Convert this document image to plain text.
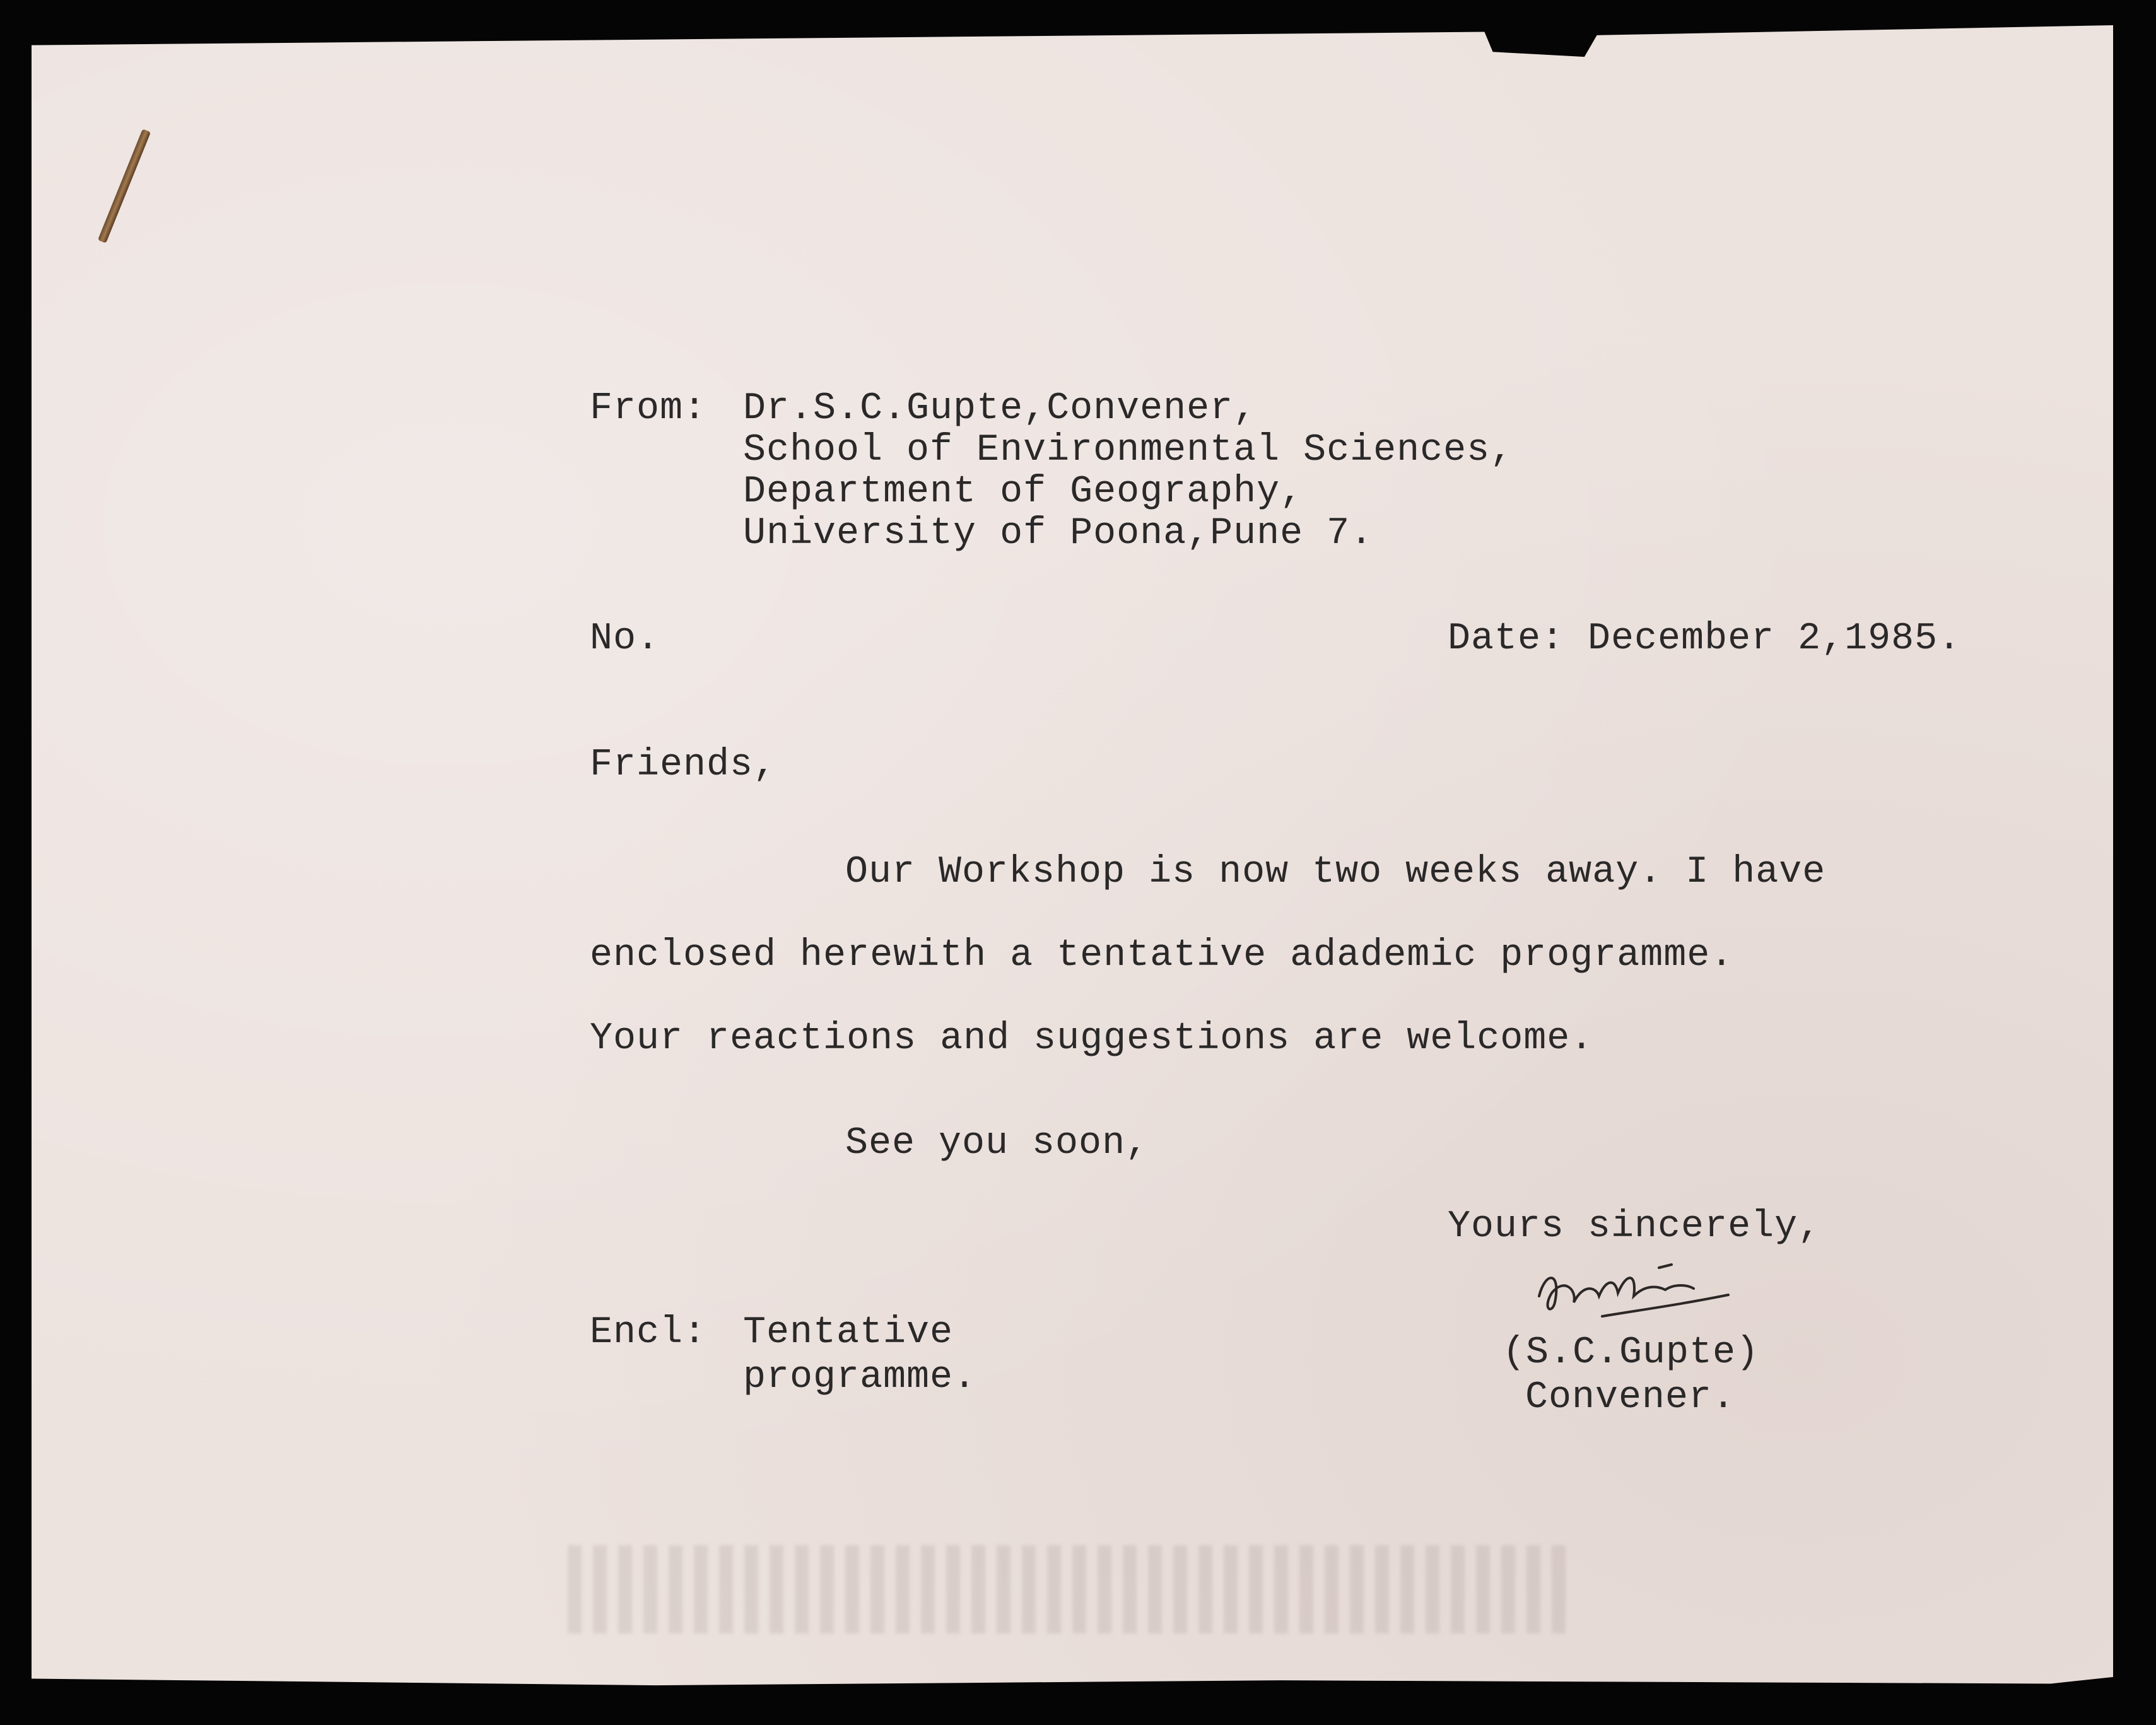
From: Dr.S.C.Gupte,Convener,
School of Environmental Sciences,
Department of Geography,
University of Poona,Pune 7.
No.	Date: December 2,1985.
Friends,
Our Workshop is now two weeks away. I have
enclosed herewith a tentative adademic programme.
Your reactions and suggestions are welcome.
See you soon,
Yours sincerely,
(S.C.Gupte)
Convener.
Encl: Tentative
programme.
